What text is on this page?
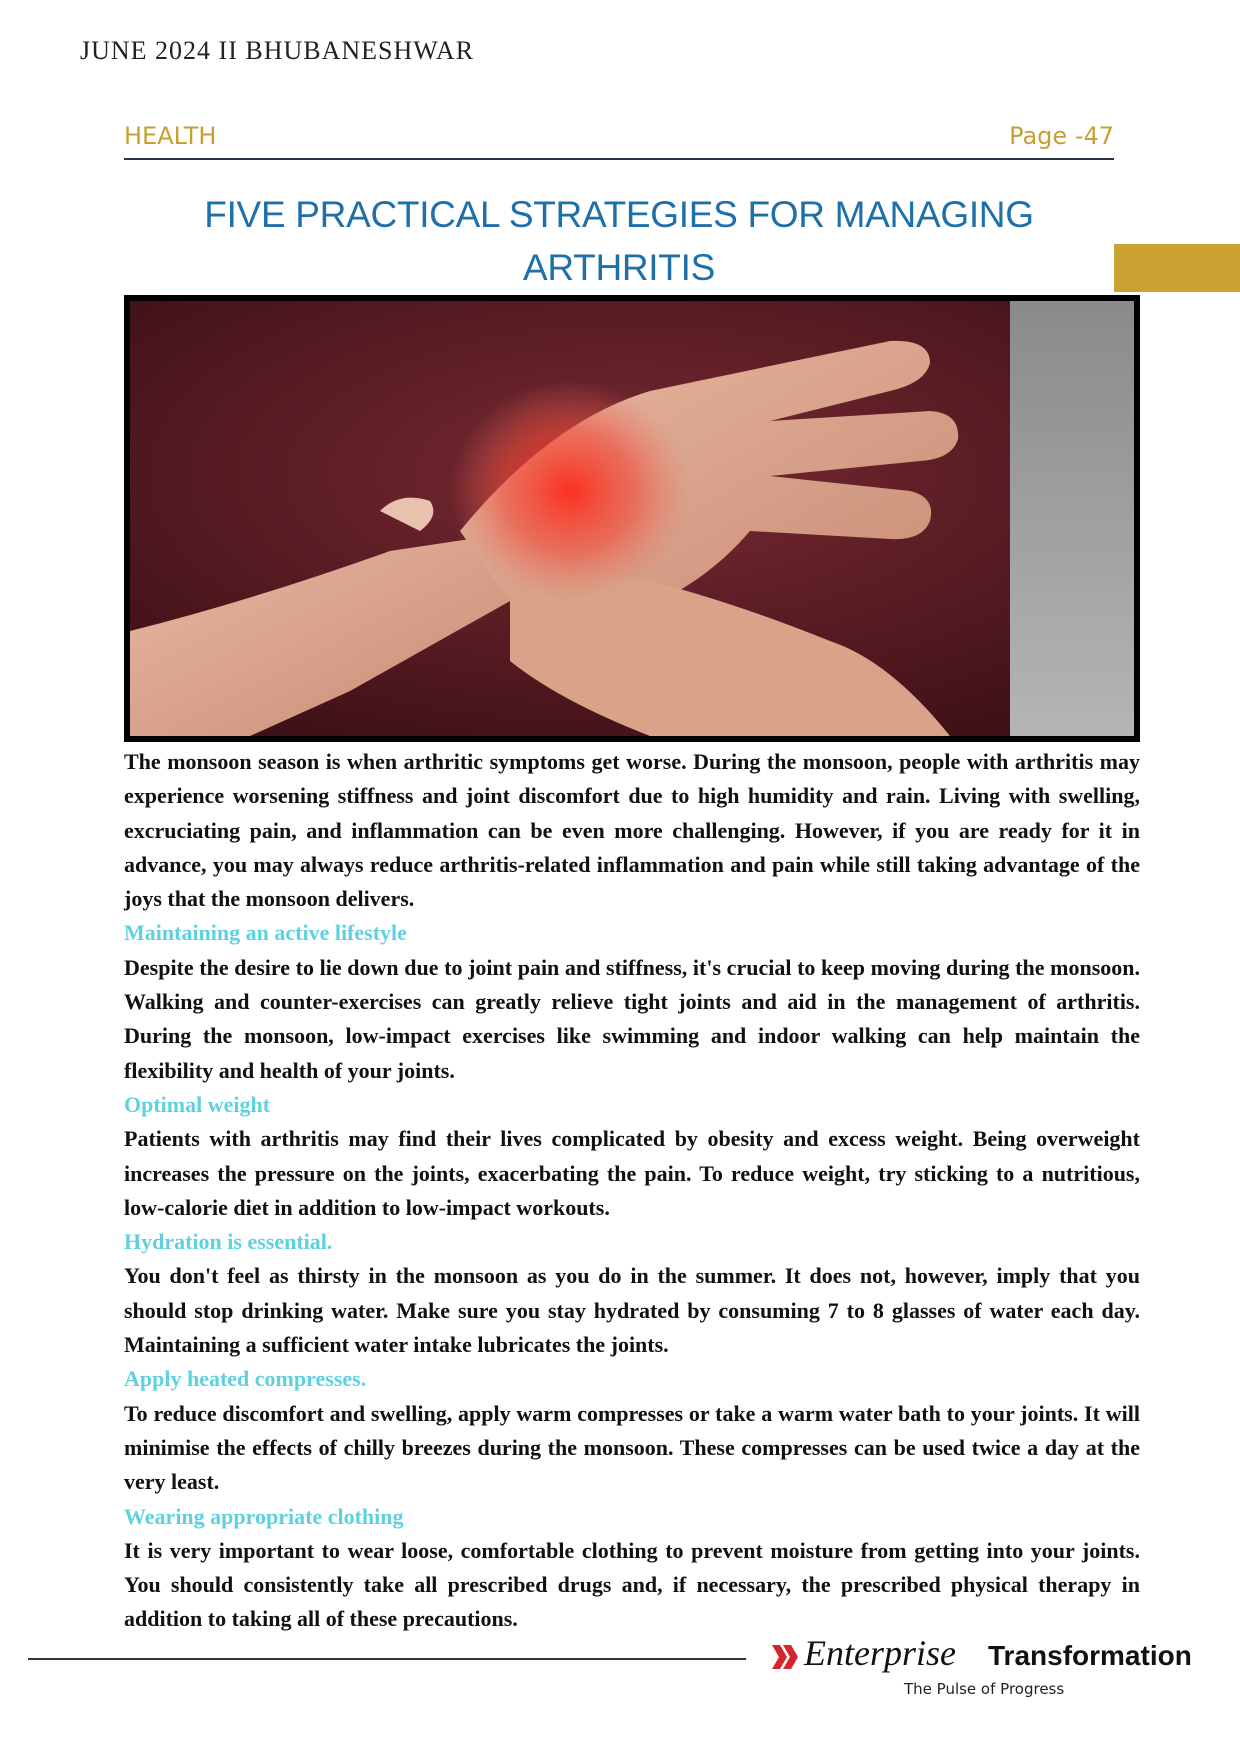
JUNE 2024 II BHUBANESHWAR
HEALTH	Page -47
FIVE PRACTICAL STRATEGIES FOR MANAGING ARTHRITIS

The monsoon season is when arthritic symptoms get worse. During the monsoon, people with arthritis may experience worsening stiffness and joint discomfort due to high humidity and rain. Living with swelling, excruciating pain, and inflammation can be even more challenging. However, if you are ready for it in advance, you may always reduce arthritis-related inflammation and pain while still taking advantage of the joys that the monsoon delivers.

Maintaining an active lifestyle

Despite the desire to lie down due to joint pain and stiffness, it's crucial to keep moving during the monsoon. Walking and counter-exercises can greatly relieve tight joints and aid in the management of arthritis. During the monsoon, low-impact exercises like swimming and indoor walking can help maintain the flexibility and health of your joints.

Optimal weight

Patients with arthritis may find their lives complicated by obesity and excess weight. Being overweight increases the pressure on the joints, exacerbating the pain. To reduce weight, try sticking to a nutritious, low-calorie diet in addition to low-impact workouts.

Hydration is essential.

You don't feel as thirsty in the monsoon as you do in the summer. It does not, however, imply that you should stop drinking water. Make sure you stay hydrated by consuming 7 to 8 glasses of water each day. Maintaining a sufficient water intake lubricates the joints.

Apply heated compresses.

To reduce discomfort and swelling, apply warm compresses or take a warm water bath to your joints. It will minimise the effects of chilly breezes during the monsoon. These compresses can be used twice a day at the very least.

Wearing appropriate clothing

It is very important to wear loose, comfortable clothing to prevent moisture from getting into your joints. You should consistently take all prescribed drugs and, if necessary, the prescribed physical therapy in addition to taking all of these precautions.

Enterprise Transformation
The Pulse of Progress
